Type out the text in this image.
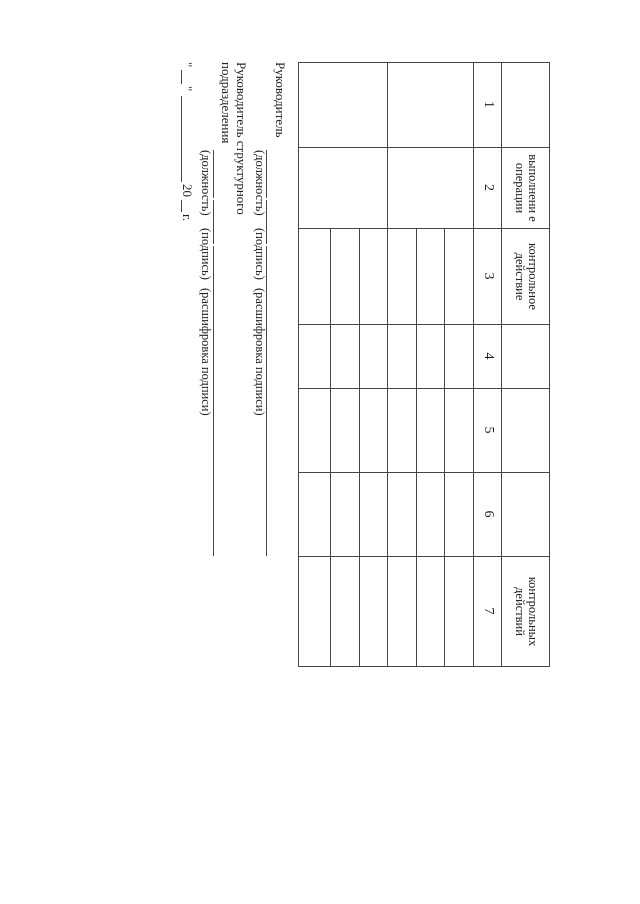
выполнени е операции
контрольное действие
контрольных действий
1
2
3
4
5
6
7
Руководитель
(должность)
(подпись)
(расшифровка подписи)
Руководитель структурного
подразделения
(должность)
(подпись)
(расшифровка подписи)
"
"
20
г.
